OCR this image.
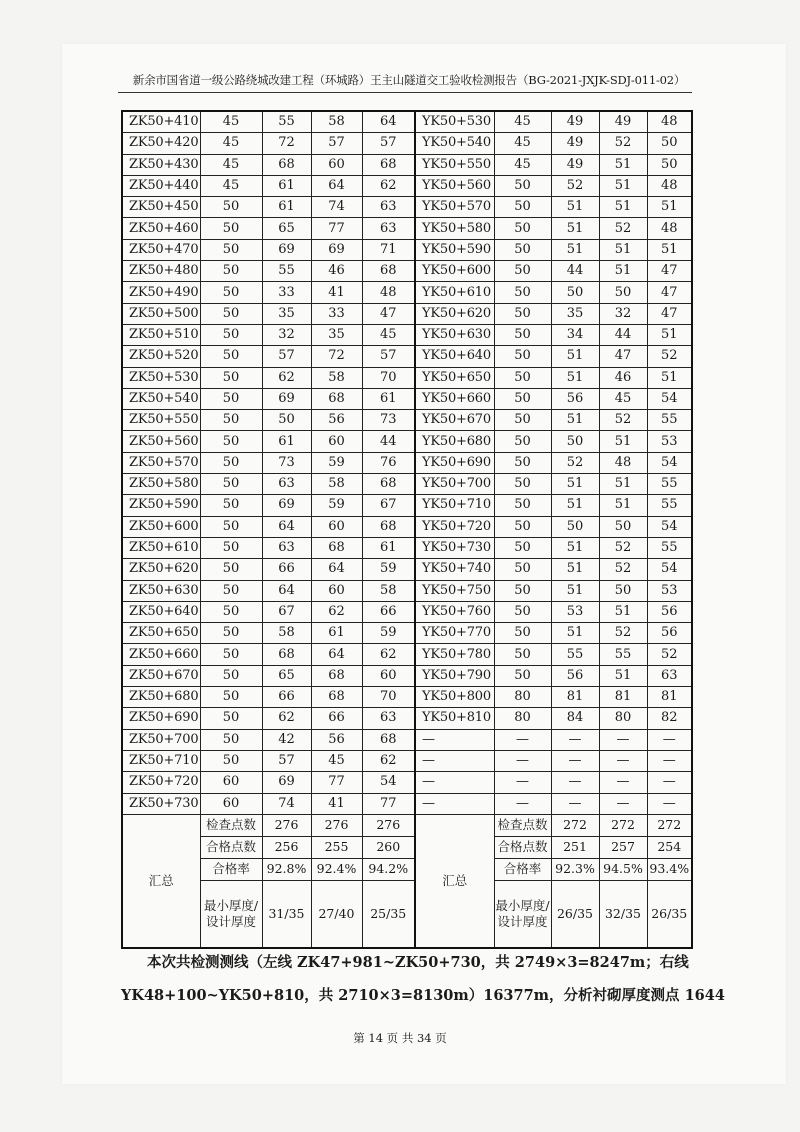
新余市国省道一级公路绕城改建工程（环城路）王主山隧道交工验收检测报告（BG-2021-JXJK-SDJ-011-02）
ZK50+410	45	55	58	64	YK50+530	45	49	49	48
ZK50+420	45	72	57	57	YK50+540	45	49	52	50
ZK50+430	45	68	60	68	YK50+550	45	49	51	50
ZK50+440	45	61	64	62	YK50+560	50	52	51	48
ZK50+450	50	61	74	63	YK50+570	50	51	51	51
ZK50+460	50	65	77	63	YK50+580	50	51	52	48
ZK50+470	50	69	69	71	YK50+590	50	51	51	51
ZK50+480	50	55	46	68	YK50+600	50	44	51	47
ZK50+490	50	33	41	48	YK50+610	50	50	50	47
ZK50+500	50	35	33	47	YK50+620	50	35	32	47
ZK50+510	50	32	35	45	YK50+630	50	34	44	51
ZK50+520	50	57	72	57	YK50+640	50	51	47	52
ZK50+530	50	62	58	70	YK50+650	50	51	46	51
ZK50+540	50	69	68	61	YK50+660	50	56	45	54
ZK50+550	50	50	56	73	YK50+670	50	51	52	55
ZK50+560	50	61	60	44	YK50+680	50	50	51	53
ZK50+570	50	73	59	76	YK50+690	50	52	48	54
ZK50+580	50	63	58	68	YK50+700	50	51	51	55
ZK50+590	50	69	59	67	YK50+710	50	51	51	55
ZK50+600	50	64	60	68	YK50+720	50	50	50	54
ZK50+610	50	63	68	61	YK50+730	50	51	52	55
ZK50+620	50	66	64	59	YK50+740	50	51	52	54
ZK50+630	50	64	60	58	YK50+750	50	51	50	53
ZK50+640	50	67	62	66	YK50+760	50	53	51	56
ZK50+650	50	58	61	59	YK50+770	50	51	52	56
ZK50+660	50	68	64	62	YK50+780	50	55	55	52
ZK50+670	50	65	68	60	YK50+790	50	56	51	63
ZK50+680	50	66	68	70	YK50+800	80	81	81	81
ZK50+690	50	62	66	63	YK50+810	80	84	80	82
ZK50+700	50	42	56	68	—	—	—	—	—
ZK50+710	50	57	45	62	—	—	—	—	—
ZK50+720	60	69	77	54	—	—	—	—	—
ZK50+730	60	74	41	77	—	—	—	—	—
汇总	检查点数	276	276	276	汇总	检查点数	272	272	272
	合格点数	256	255	260		合格点数	251	257	254
	合格率	92.8%	92.4%	94.2%		合格率	92.3%	94.5%	93.4%
	最小厚度/设计厚度	31/35	27/40	25/35		最小厚度/设计厚度	26/35	32/35	26/35
本次共检测测线（左线 ZK47+981~ZK50+730，共 2749×3=8247m；右线
YK48+100~YK50+810，共 2710×3=8130m）16377m，分析衬砌厚度测点 1644
第 14 页 共 34 页
